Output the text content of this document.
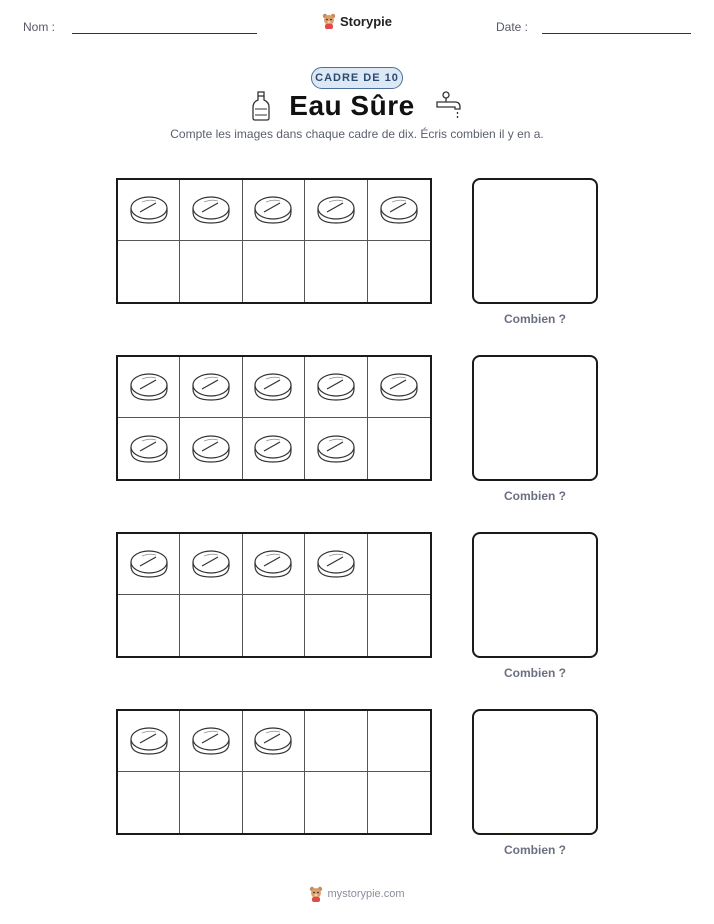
Nom :	Storypie	Date :
CADRE DE 10
Eau Sûre
Compte les images dans chaque cadre de dix. Écris combien il y en a.
Combien ?
Combien ?
Combien ?
Combien ?
mystorypie.com
